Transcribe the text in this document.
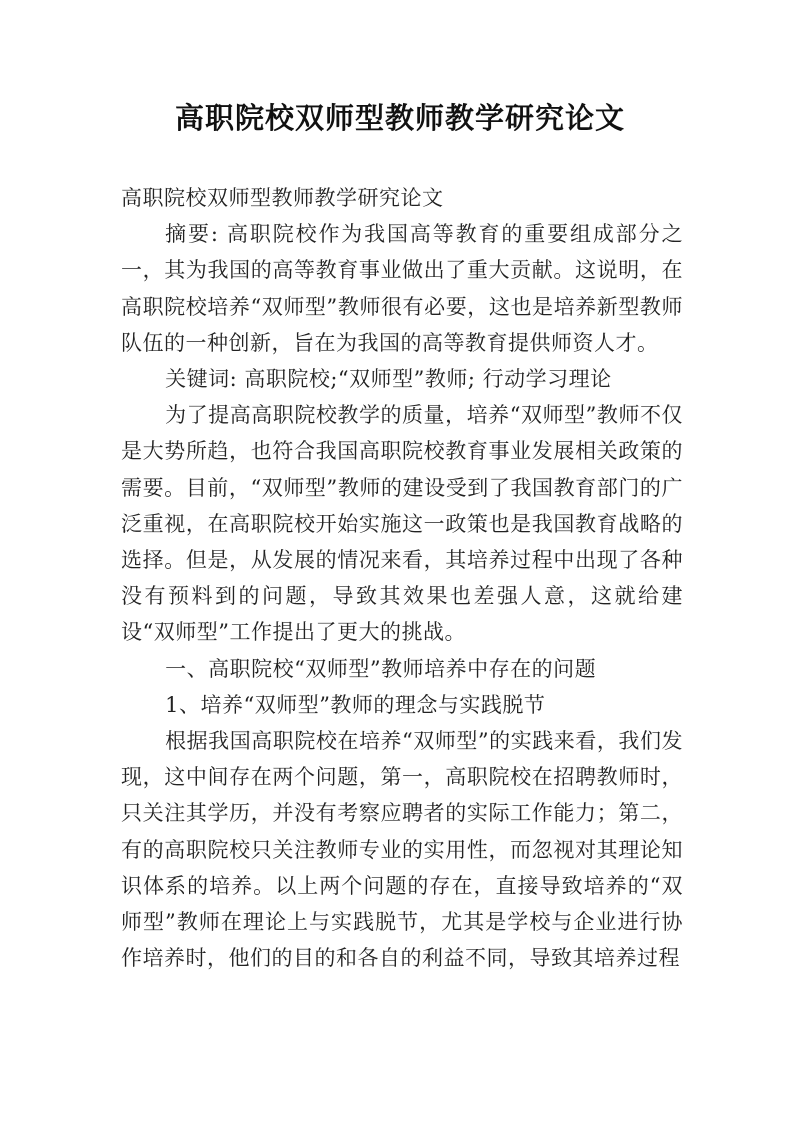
高职院校双师型教师教学研究论文

高职院校双师型教师教学研究论文

摘要: 高职院校作为我国高等教育的重要组成部分之一，其为我国的高等教育事业做出了重大贡献。这说明，在高职院校培养“双师型”教师很有必要，这也是培养新型教师队伍的一种创新，旨在为我国的高等教育提供师资人才。

关键词: 高职院校;“双师型”教师; 行动学习理论

为了提高高职院校教学的质量，培养“双师型”教师不仅是大势所趋，也符合我国高职院校教育事业发展相关政策的需要。目前，“双师型”教师的建设受到了我国教育部门的广泛重视，在高职院校开始实施这一政策也是我国教育战略的选择。但是，从发展的情况来看，其培养过程中出现了各种没有预料到的问题，导致其效果也差强人意，这就给建设“双师型”工作提出了更大的挑战。

一、高职院校“双师型”教师培养中存在的问题

1、培养“双师型”教师的理念与实践脱节

根据我国高职院校在培养“双师型”的实践来看，我们发现，这中间存在两个问题，第一，高职院校在招聘教师时，只关注其学历，并没有考察应聘者的实际工作能力；第二，有的高职院校只关注教师专业的实用性，而忽视对其理论知识体系的培养。以上两个问题的存在，直接导致培养的“双师型”教师在理论上与实践脱节，尤其是学校与企业进行协作培养时，他们的目的和各自的利益不同，导致其培养过程
